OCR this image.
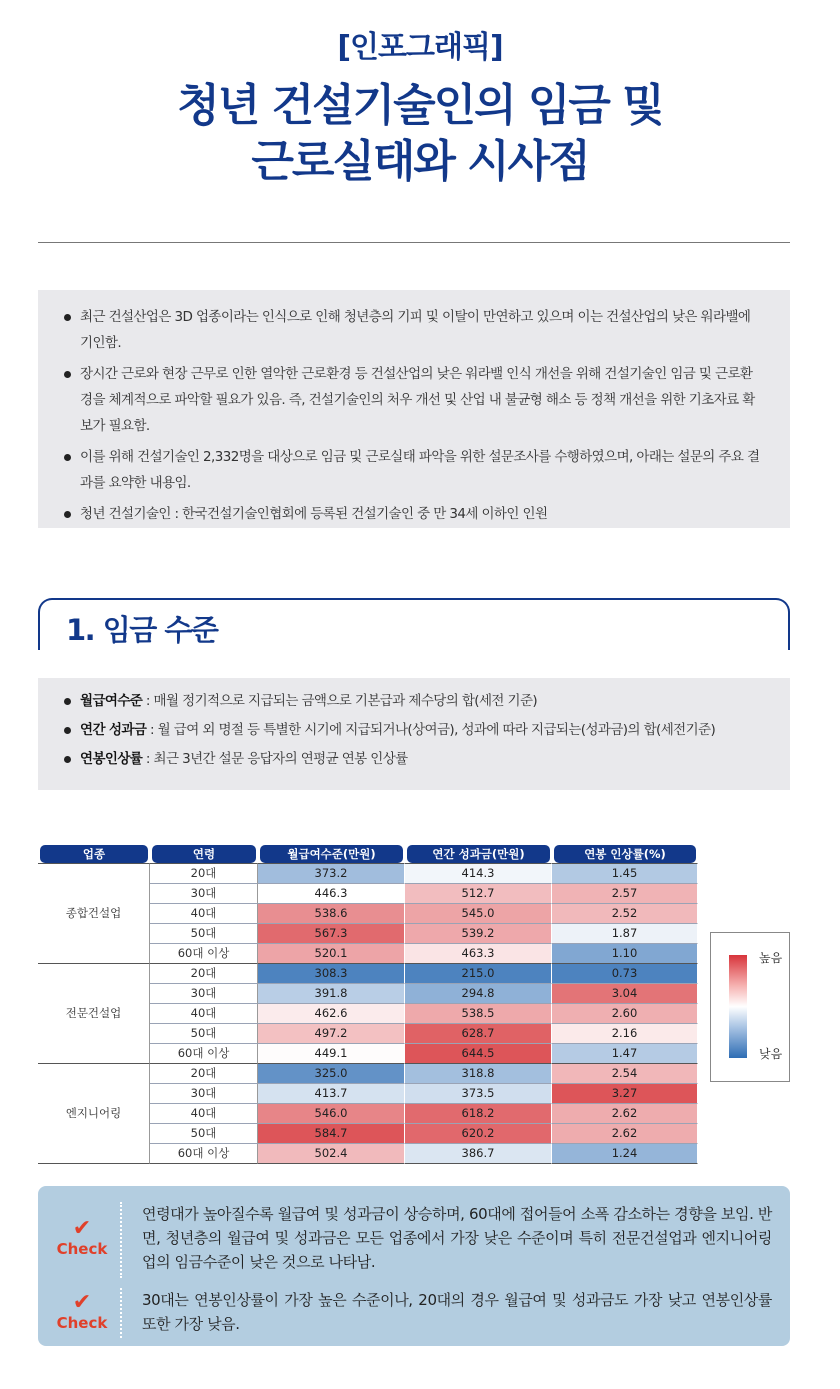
[인포그래픽]
청년 건설기술인의 임금 및
근로실태와 시사점
최근 건설산업은 3D 업종이라는 인식으로 인해 청년층의 기피 및 이탈이 만연하고 있으며 이는 건설산업의 낮은 워라밸에 기인함.
장시간 근로와 현장 근무로 인한 열악한 근로환경 등 건설산업의 낮은 워라밸 인식 개선을 위해 건설기술인 임금 및 근로환경을 체계적으로 파악할 필요가 있음. 즉, 건설기술인의 처우 개선 및 산업 내 불균형 해소 등 정책 개선을 위한 기초자료 확보가 필요함.
이를 위해 건설기술인 2,332명을 대상으로 임금 및 근로실태 파악을 위한 설문조사를 수행하였으며, 아래는 설문의 주요 결과를 요약한 내용임.
청년 건설기술인 : 한국건설기술인협회에 등록된 건설기술인 중 만 34세 이하인 인원
1. 임금 수준
월급여수준 : 매월 정기적으로 지급되는 금액으로 기본급과 제수당의 합(세전 기준)
연간 성과금 : 월 급여 외 명절 등 특별한 시기에 지급되거나(상여금), 성과에 따라 지급되는(성과금)의 합(세전기준)
연봉인상률 : 최근 3년간 설문 응답자의 연평균 연봉 인상률
업종	연령	월급여수준(만원)	연간 성과금(만원)	연봉 인상률(%)

종합건설업	20대	373.2	414.3	1.45
	30대	446.3	512.7	2.57
	40대	538.6	545.0	2.52
	50대	567.3	539.2	1.87
	60대 이상	520.1	463.3	1.10
전문건설업	20대	308.3	215.0	0.73
	30대	391.8	294.8	3.04
	40대	462.6	538.5	2.60
	50대	497.2	628.7	2.16
	60대 이상	449.1	644.5	1.47
엔지니어링	20대	325.0	318.8	2.54
	30대	413.7	373.5	3.27
	40대	546.0	618.2	2.62
	50대	584.7	620.2	2.62
	60대 이상	502.4	386.7	1.24
높음
낮음
✔
Check
연령대가 높아질수록 월급여 및 성과금이 상승하며, 60대에 접어들어 소폭 감소하는 경향을 보임. 반면, 청년층의 월급여 및 성과금은 모든 업종에서 가장 낮은 수준이며 특히 전문건설업과 엔지니어링업의 임금수준이 낮은 것으로 나타남.
✔
Check
30대는 연봉인상률이 가장 높은 수준이나, 20대의 경우 월급여 및 성과금도 가장 낮고 연봉인상률 또한 가장 낮음.
